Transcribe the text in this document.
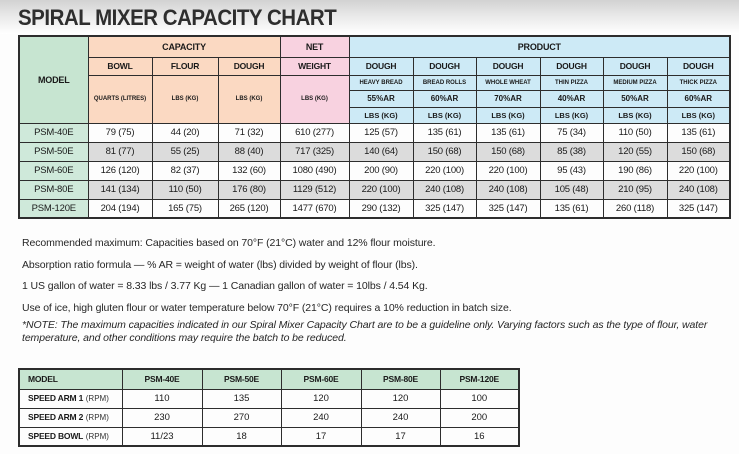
SPIRAL MIXER CAPACITY CHART
MODEL	CAPACITY			NET	PRODUCT					
	BOWL	FLOUR	DOUGH	WEIGHT	DOUGH	DOUGH	DOUGH	DOUGH	DOUGH	DOUGH
	QUARTS (LITRES)	LBS (KG)	LBS (KG)	LBS (KG)	HEAVY BREAD	BREAD ROLLS	WHOLE WHEAT	THIN PIZZA	MEDIUM PIZZA	THICK PIZZA
					55%AR	60%AR	70%AR	40%AR	50%AR	60%AR
					LBS (KG)	LBS (KG)	LBS (KG)	LBS (KG)	LBS (KG)	LBS (KG)
PSM-40E	79 (75)	44 (20)	71 (32)	610 (277)	125 (57)	135 (61)	135 (61)	75 (34)	110 (50)	135 (61)
PSM-50E	81 (77)	55 (25)	88 (40)	717 (325)	140 (64)	150 (68)	150 (68)	85 (38)	120 (55)	150 (68)
PSM-60E	126 (120)	82 (37)	132 (60)	1080 (490)	200 (90)	220 (100)	220 (100)	95 (43)	190 (86)	220 (100)
PSM-80E	141 (134)	110 (50)	176 (80)	1129 (512)	220 (100)	240 (108)	240 (108)	105 (48)	210 (95)	240 (108)
PSM-120E	204 (194)	165 (75)	265 (120)	1477 (670)	290 (132)	325 (147)	325 (147)	135 (61)	260 (118)	325 (147)

Recommended maximum: Capacities based on 70°F (21°C) water and 12% flour moisture.

Absorption ratio formula — % AR = weight of water (lbs) divided by weight of flour (lbs).

1 US gallon of water = 8.33 lbs / 3.77 Kg — 1 Canadian gallon of water = 10lbs / 4.54 Kg.

Use of ice, high gluten flour or water temperature below 70°F (21°C) requires a 10% reduction in batch size.

*NOTE: The maximum capacities indicated in our Spiral Mixer Capacity Chart are to be a guideline only. Varying factors such as the type of flour, water temperature, and other conditions may require the batch to be reduced.

MODEL	PSM-40E	PSM-50E	PSM-60E	PSM-80E	PSM-120E
SPEED ARM 1 (RPM)	110	135	120	120	100
SPEED ARM 2 (RPM)	230	270	240	240	200
SPEED BOWL (RPM)	11/23	18	17	17	16
